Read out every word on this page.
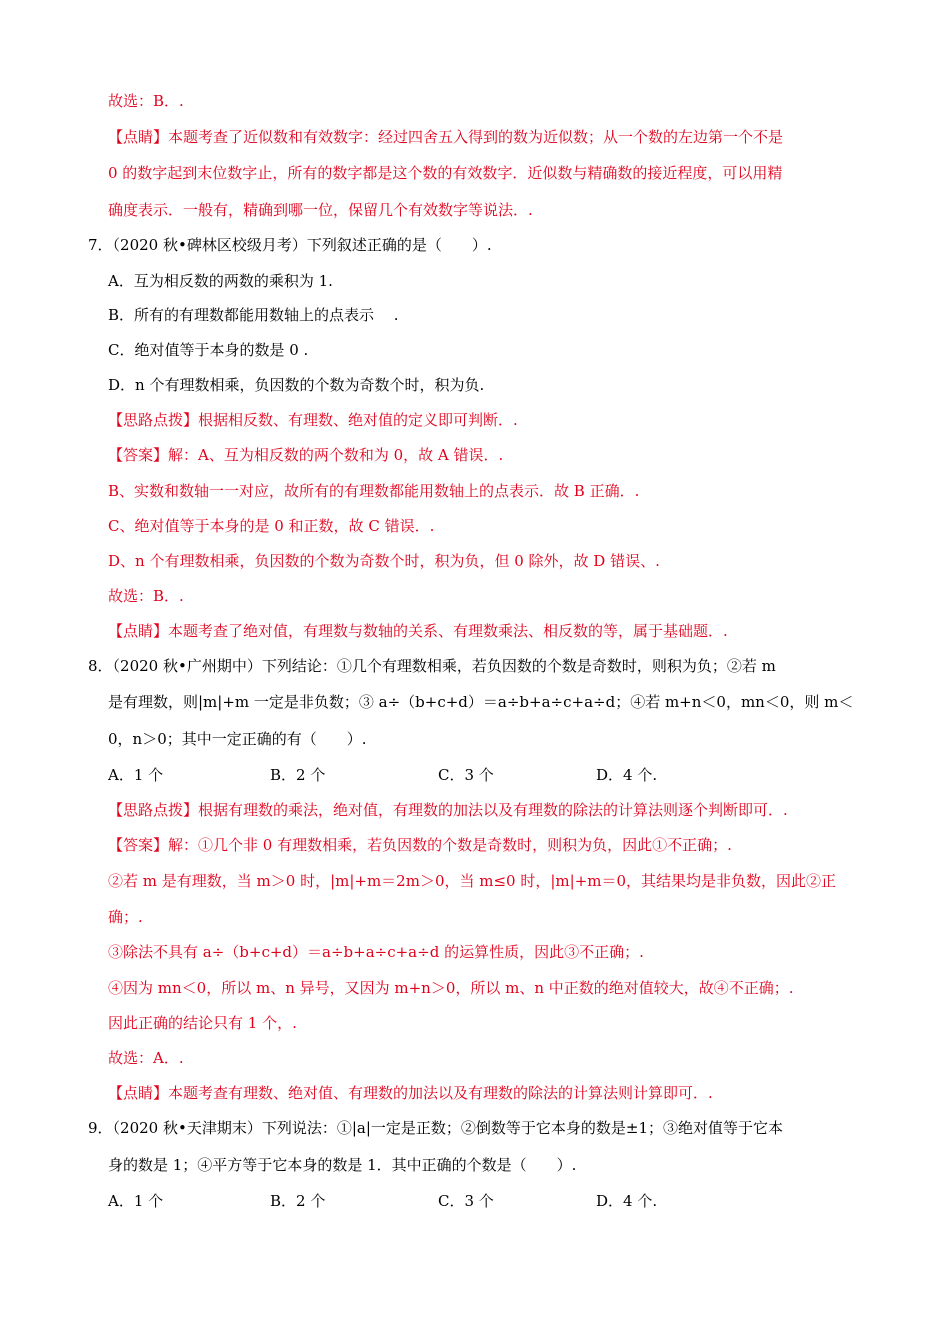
故选：B．.
【点睛】本题考查了近似数和有效数字：经过四舍五入得到的数为近似数；从一个数的左边第一个不是
0 的数字起到末位数字止，所有的数字都是这个数的有效数字．近似数与精确数的接近程度，可以用精
确度表示．一般有，精确到哪一位，保留几个有效数字等说法．.
7．（2020 秋•碑林区校级月考）下列叙述正确的是（　　）.
A．互为相反数的两数的乘积为 1.
B．所有的有理数都能用数轴上的点表示　 .
C．绝对值等于本身的数是 0 .
D．n 个有理数相乘，负因数的个数为奇数个时，积为负.
【思路点拨】根据相反数、有理数、绝对值的定义即可判断．.
【答案】解：A、互为相反数的两个数和为 0，故 A 错误．.
B、实数和数轴一一对应，故所有的有理数都能用数轴上的点表示．故 B 正确．.
C、绝对值等于本身的是 0 和正数，故 C 错误．.
D、n 个有理数相乘，负因数的个数为奇数个时，积为负，但 0 除外，故 D 错误、.
故选：B．.
【点睛】本题考查了绝对值，有理数与数轴的关系、有理数乘法、相反数的等，属于基础题．.
8．（2020 秋•广州期中）下列结论：①几个有理数相乘，若负因数的个数是奇数时，则积为负；②若 m
是有理数，则|m|+m 一定是非负数；③ a÷（b+c+d）＝a÷b+a÷c+a÷d；④若 m+n＜0，mn＜0，则 m＜
0，n＞0；其中一定正确的有（　　）.
A．1 个	B．2 个	C．3 个	D．4 个.
【思路点拨】根据有理数的乘法，绝对值，有理数的加法以及有理数的除法的计算法则逐个判断即可．.
【答案】解：①几个非 0 有理数相乘，若负因数的个数是奇数时，则积为负，因此①不正确；.
②若 m 是有理数，当 m＞0 时，|m|+m＝2m＞0，当 m≤0 时，|m|+m＝0，其结果均是非负数，因此②正
确；.
③除法不具有 a÷（b+c+d）＝a÷b+a÷c+a÷d 的运算性质，因此③不正确；.
④因为 mn＜0，所以 m、n 异号，又因为 m+n＞0，所以 m、n 中正数的绝对值较大，故④不正确；.
因此正确的结论只有 1 个，.
故选：A．.
【点睛】本题考查有理数、绝对值、有理数的加法以及有理数的除法的计算法则计算即可．.
9．（2020 秋•天津期末）下列说法：①|a|一定是正数；②倒数等于它本身的数是±1；③绝对值等于它本
身的数是 1；④平方等于它本身的数是 1．其中正确的个数是（　　）.
A．1 个	B．2 个	C．3 个	D．4 个.
